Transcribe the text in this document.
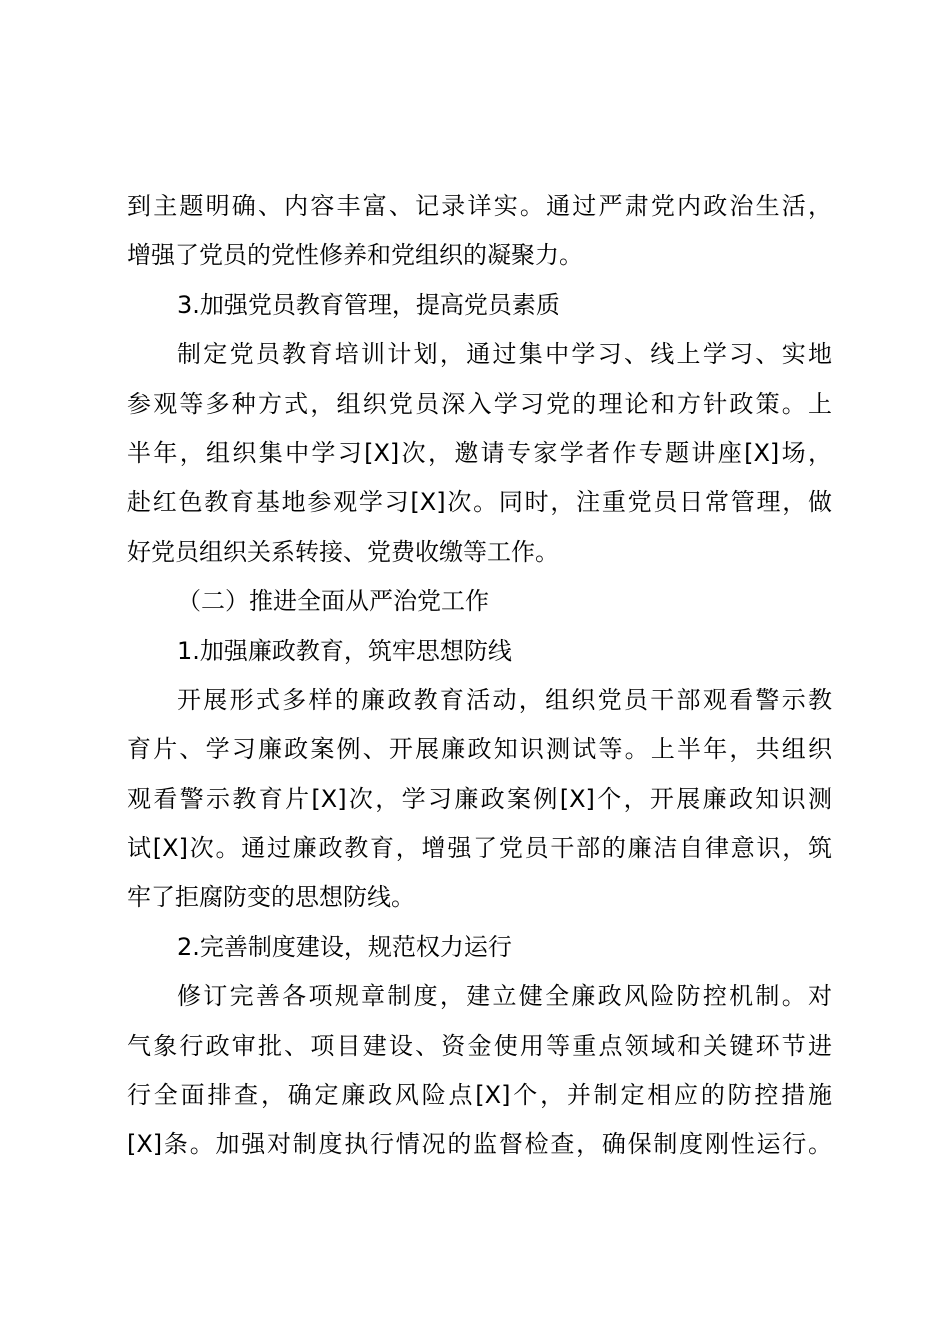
到主题明确、内容丰富、记录详实。通过严肃党内政治生活，
增强了党员的党性修养和党组织的凝聚力。
3.加强党员教育管理，提高党员素质
制定党员教育培训计划，通过集中学习、线上学习、实地
参观等多种方式，组织党员深入学习党的理论和方针政策。上
半年，组织集中学习[X]次，邀请专家学者作专题讲座[X]场，
赴红色教育基地参观学习[X]次。同时，注重党员日常管理，做
好党员组织关系转接、党费收缴等工作。
（二）推进全面从严治党工作
1.加强廉政教育，筑牢思想防线
开展形式多样的廉政教育活动，组织党员干部观看警示教
育片、学习廉政案例、开展廉政知识测试等。上半年，共组织
观看警示教育片[X]次，学习廉政案例[X]个，开展廉政知识测
试[X]次。通过廉政教育，增强了党员干部的廉洁自律意识，筑
牢了拒腐防变的思想防线。
2.完善制度建设，规范权力运行
修订完善各项规章制度，建立健全廉政风险防控机制。对
气象行政审批、项目建设、资金使用等重点领域和关键环节进
行全面排查，确定廉政风险点[X]个，并制定相应的防控措施
[X]条。加强对制度执行情况的监督检查，确保制度刚性运行。
